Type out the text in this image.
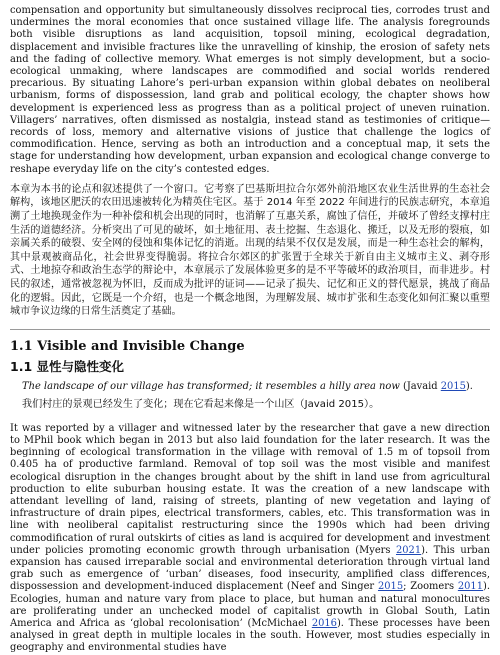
compensation and opportunity but simultaneously dissolves reciprocal ties, corrodes trust and undermines the moral economies that once sustained village life. The analysis foregrounds both visible disruptions as land acquisition, topsoil mining, ecological degradation, displacement and invisible fractures like the unravelling of kinship, the erosion of safety nets and the fading of collective memory. What emerges is not simply development, but a socio-ecological unmaking, where landscapes are commodified and social worlds rendered precarious. By situating Lahore’s peri-urban expansion within global debates on neoliberal urbanism, forms of dispossession, land grab and political ecology, the chapter shows how development is experienced less as progress than as a political project of uneven ruination. Villagers’ narratives, often dismissed as nostalgia, instead stand as testimonies of critique—records of loss, memory and alternative visions of justice that challenge the logics of commodification. Hence, serving as both an introduction and a conceptual map, it sets the stage for understanding how development, urban expansion and ecological change converge to reshape everyday life on the city’s contested edges.

本章为本书的论点和叙述提供了一个窗口。它考察了巴基斯坦拉合尔郊外前沿地区农业生活世界的生态社会解构，该地区肥沃的农田迅速被转化为精英住宅区。基于 2014 年至 2022 年间进行的民族志研究，本章追溯了土地换现金作为一种补偿和机会出现的同时，也消解了互惠关系，腐蚀了信任，并破坏了曾经支撑村庄生活的道德经济。分析突出了可见的破坏，如土地征用、表土挖掘、生态退化、搬迁，以及无形的裂痕，如亲属关系的破裂、安全网的侵蚀和集体记忆的消逝。出现的结果不仅仅是发展，而是一种生态社会的解构，其中景观被商品化，社会世界变得脆弱。将拉合尔郊区的扩张置于全球关于新自由主义城市主义、剥夺形式、土地掠夺和政治生态学的辩论中，本章展示了发展体验更多的是不平等破坏的政治项目，而非进步。村民的叙述，通常被忽视为怀旧，反而成为批评的证词——记录了损失、记忆和正义的替代愿景，挑战了商品化的逻辑。因此，它既是一个介绍，也是一个概念地图，为理解发展、城市扩张和生态变化如何汇聚以重塑城市争议边缘的日常生活奠定了基础。

1.1 Visible and Invisible Change
1.1 显性与隐性变化

The landscape of our village has transformed; it resembles a hilly area now (Javaid 2015).

我们村庄的景观已经发生了变化；现在它看起来像是一个山区（Javaid 2015）。

It was reported by a villager and witnessed later by the researcher that gave a new direction to MPhil book which began in 2013 but also laid foundation for the later research. It was the beginning of ecological transformation in the village with removal of 1.5 m of topsoil from 0.405 ha of productive farmland. Removal of top soil was the most visible and manifest ecological disruption in the changes brought about by the shift in land use from agricultural production to elite suburban housing estate. It was the creation of a new landscape with attendant levelling of land, raising of streets, planting of new vegetation and laying of infrastructure of drain pipes, electrical transformers, cables, etc. This transformation was in line with neoliberal capitalist restructuring since the 1990s which had been driving commodification of rural outskirts of cities as land is acquired for development and investment under policies promoting economic growth through urbanisation (Myers 2021). This urban expansion has caused irreparable social and environmental deterioration through virtual land grab such as emergence of ‘urban’ diseases, food insecurity, amplified class differences, dispossession and development-induced displacement (Neef and Singer 2015; Zoomers 2011). Ecologies, human and nature vary from place to place, but human and natural monocultures are proliferating under an unchecked model of capitalist growth in Global South, Latin America and Africa as ‘global recolonisation’ (McMichael 2016). These processes have been analysed in great depth in multiple locales in the south. However, most studies especially in geography and environmental studies have
